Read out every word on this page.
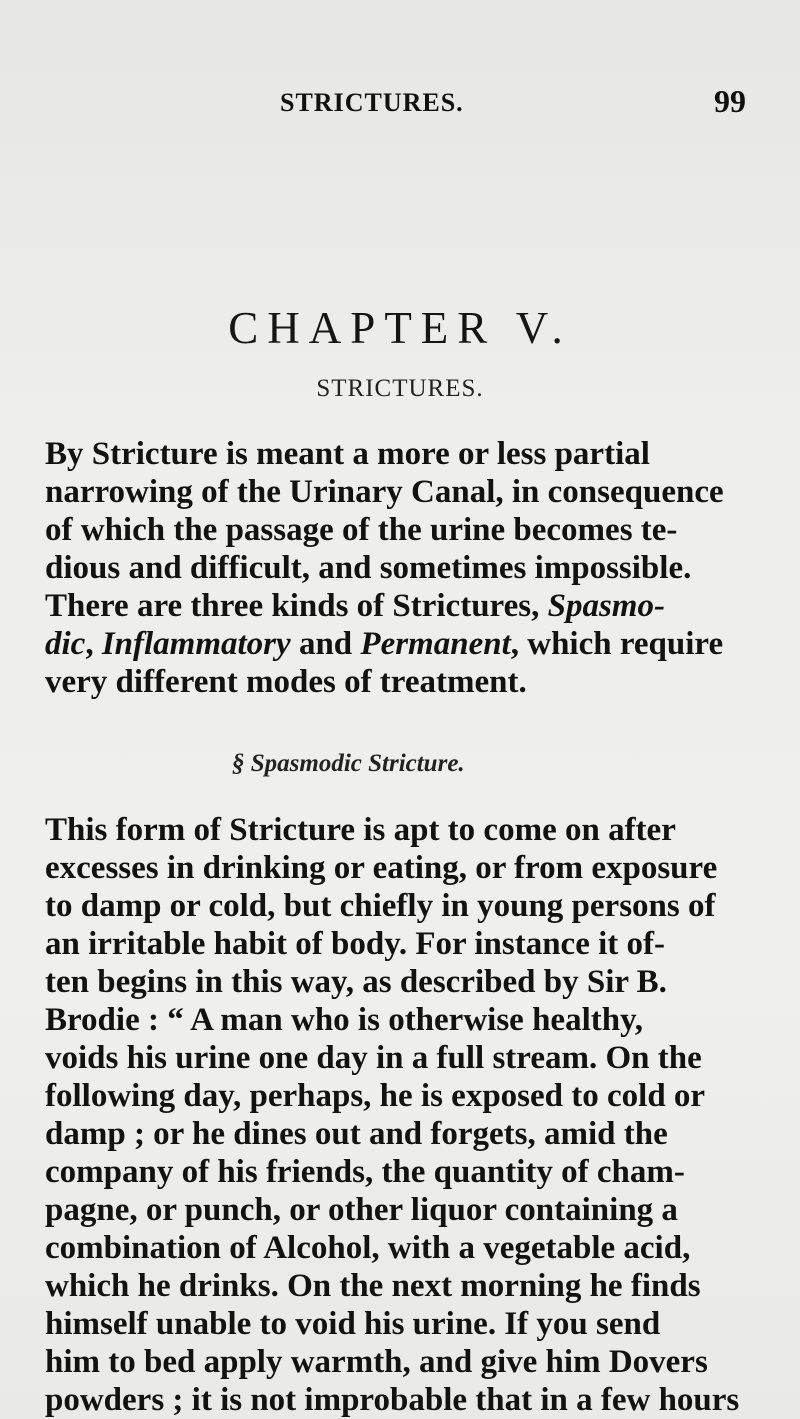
STRICTURES.	99
CHAPTER V.
STRICTURES.

By Stricture is meant a more or less partial
narrowing of the Urinary Canal, in consequence
of which the passage of the urine becomes te-
dious and difficult, and sometimes impossible.
There are three kinds of Strictures, Spasmo-
dic, Inflammatory and Permanent, which require
very different modes of treatment.

§ Spasmodic Stricture.

This form of Stricture is apt to come on after
excesses in drinking or eating, or from exposure
to damp or cold, but chiefly in young persons of
an irritable habit of body. For instance it of-
ten begins in this way, as described by Sir B.
Brodie : “ A man who is otherwise healthy,
voids his urine one day in a full stream. On the
following day, perhaps, he is exposed to cold or
damp ; or he dines out and forgets, amid the
company of his friends, the quantity of cham-
pagne, or punch, or other liquor containing a
combination of Alcohol, with a vegetable acid,
which he drinks. On the next morning he finds
himself unable to void his urine. If you send
him to bed apply warmth, and give him Dovers
powders ; it is not improbable that in a few hours
